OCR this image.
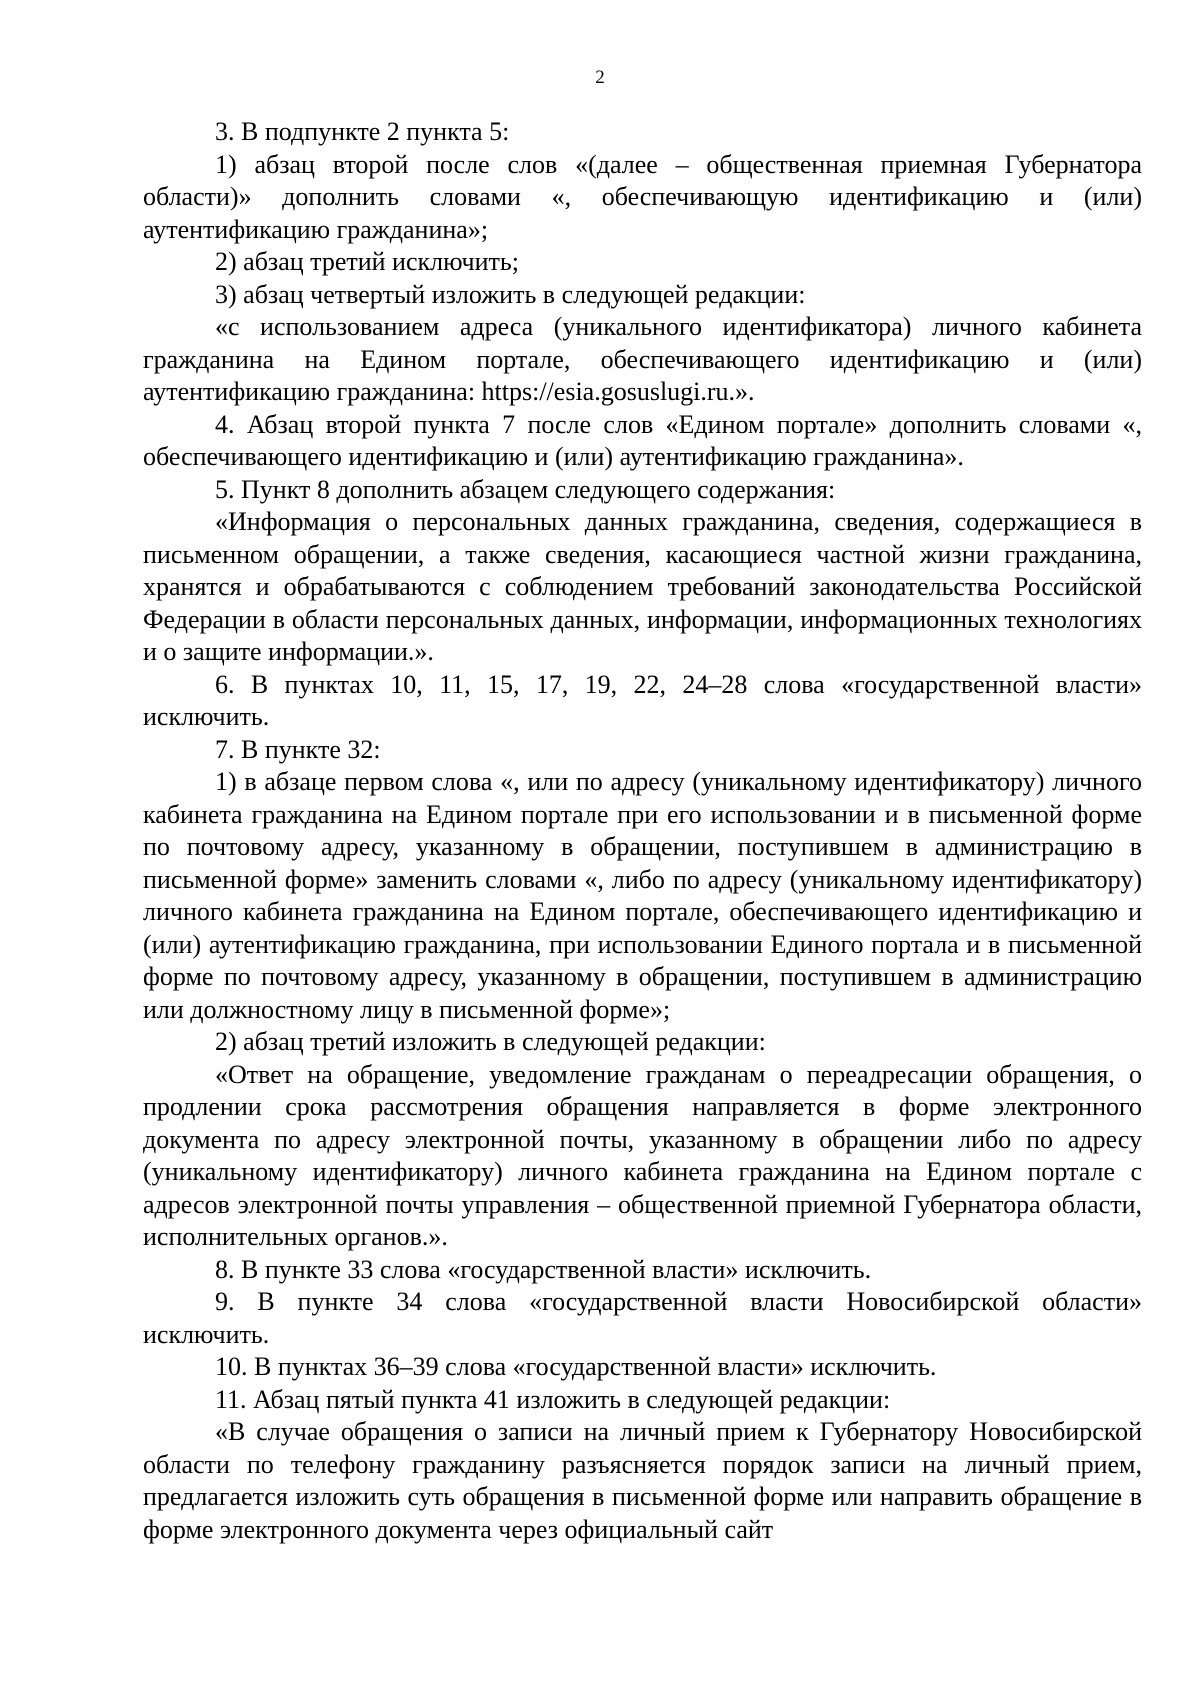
2

3. В подпункте 2 пункта 5:

1) абзац второй после слов «(далее – общественная приемная Губернатора области)» дополнить словами «, обеспечивающую идентификацию и (или) аутентификацию гражданина»;

2) абзац третий исключить;

3) абзац четвертый изложить в следующей редакции:

«с использованием адреса (уникального идентификатора) личного кабинета гражданина на Едином портале, обеспечивающего идентификацию и (или) аутентификацию гражданина: https://esia.gosuslugi.ru.».

4. Абзац второй пункта 7 после слов «Едином портале» дополнить словами «, обеспечивающего идентификацию и (или) аутентификацию гражданина».

5. Пункт 8 дополнить абзацем следующего содержания:

«Информация о персональных данных гражданина, сведения, содержащиеся в письменном обращении, а также сведения, касающиеся частной жизни гражданина, хранятся и обрабатываются с соблюдением требований законодательства Российской Федерации в области персональных данных, информации, информационных технологиях и о защите информации.».

6. В пунктах 10, 11, 15, 17, 19, 22, 24–28 слова «государственной власти» исключить.

7. В пункте 32:

1) в абзаце первом слова «, или по адресу (уникальному идентификатору) личного кабинета гражданина на Едином портале при его использовании и в письменной форме по почтовому адресу, указанному в обращении, поступившем в администрацию в письменной форме» заменить словами «, либо по адресу (уникальному идентификатору) личного кабинета гражданина на Едином портале, обеспечивающего идентификацию и (или) аутентификацию гражданина, при использовании Единого портала и в письменной форме по почтовому адресу, указанному в обращении, поступившем в администрацию или должностному лицу в письменной форме»;

2) абзац третий изложить в следующей редакции:

«Ответ на обращение, уведомление гражданам о переадресации обращения, о продлении срока рассмотрения обращения направляется в форме электронного документа по адресу электронной почты, указанному в обращении либо по адресу (уникальному идентификатору) личного кабинета гражданина на Едином портале с адресов электронной почты управления – общественной приемной Губернатора области, исполнительных органов.».

8. В пункте 33 слова «государственной власти» исключить.

9. В пункте 34 слова «государственной власти Новосибирской области» исключить.

10. В пунктах 36–39 слова «государственной власти» исключить.

11. Абзац пятый пункта 41 изложить в следующей редакции:

«В случае обращения о записи на личный прием к Губернатору Новосибирской области по телефону гражданину разъясняется порядок записи на личный прием, предлагается изложить суть обращения в письменной форме или направить обращение в форме электронного документа через официальный сайт
